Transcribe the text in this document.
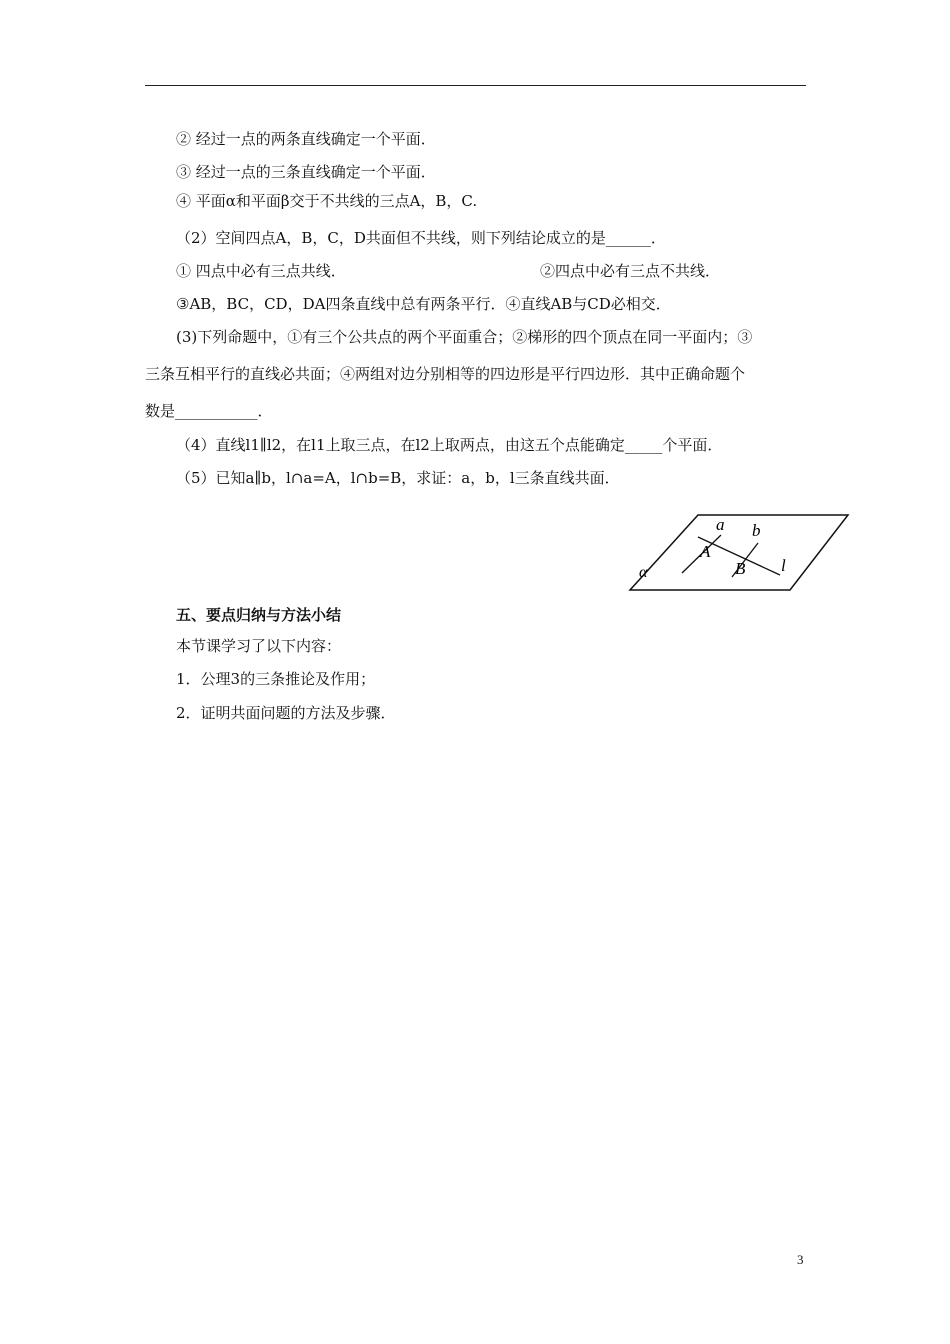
② 经过一点的两条直线确定一个平面．
③ 经过一点的三条直线确定一个平面．
④ 平面α和平面β交于不共线的三点A，B，C.
（2）空间四点A，B，C，D共面但不共线，则下列结论成立的是______．
① 四点中必有三点共线．	②四点中必有三点不共线．
③AB，BC，CD，DA四条直线中总有两条平行．④直线AB与CD必相交．
(3)下列命题中，①有三个公共点的两个平面重合；②梯形的四个顶点在同一平面内；③
三条互相平行的直线必共面；④两组对边分别相等的四边形是平行四边形．其中正确命题个
数是___________．
（4）直线l1∥l2，在l1上取三点，在l2上取两点，由这五个点能确定_____个平面．
（5）已知a∥b，l∩a=A，l∩b=B，求证：a，b，l三条直线共面．
a b
A
B l
α
五、要点归纳与方法小结
本节课学习了以下内容：
1．公理3的三条推论及作用；
2．证明共面问题的方法及步骤．
3
